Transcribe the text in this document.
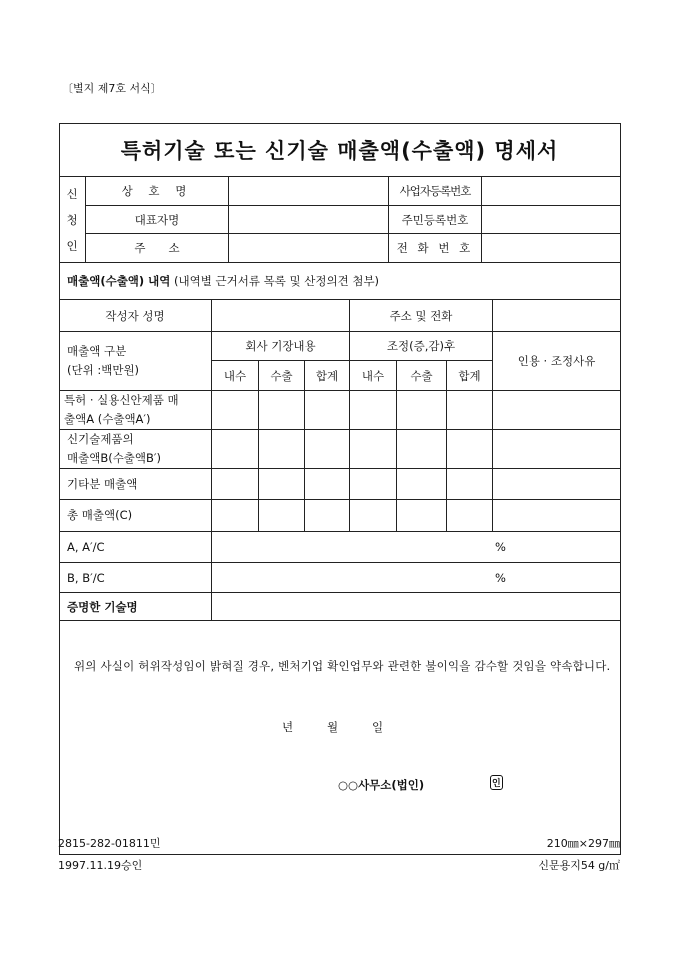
〔별지 제7호 서식〕
특허기술 또는 신기술 매출액(수출액) 명세서
신
청
인
상 호 명	사업자등록번호
대표자명	주민등록번호
주　　소	전 화 번 호
매출액(수출액) 내역
(내역별 근거서류 목록 및 산정의견 첨부)
작성자 성명	주소 및 전화
매출액 구분
(단위 :백만원)
회사 기장내용	조정(증,감)후
인용 · 조정사유
내수	수출	합계	내수	수출	합계
특허 · 실용신안제품 매
출액A (수출액A′)
신기술제품의
매출액B(수출액B′)
기타분 매출액
총 매출액(C)
A, A′/C	%
B, B′/C	%
증명한 기술명
위의 사실이 허위작성임이 밝혀질 경우, 벤처기업 확인업무와 관련한 불이익을 감수할 것임을 약속합니다.
년	월	일
○○사무소(법인)	인
2815-282-01811민
1997.11.19승인
210㎜×297㎜
신문용지54 g/㎡
